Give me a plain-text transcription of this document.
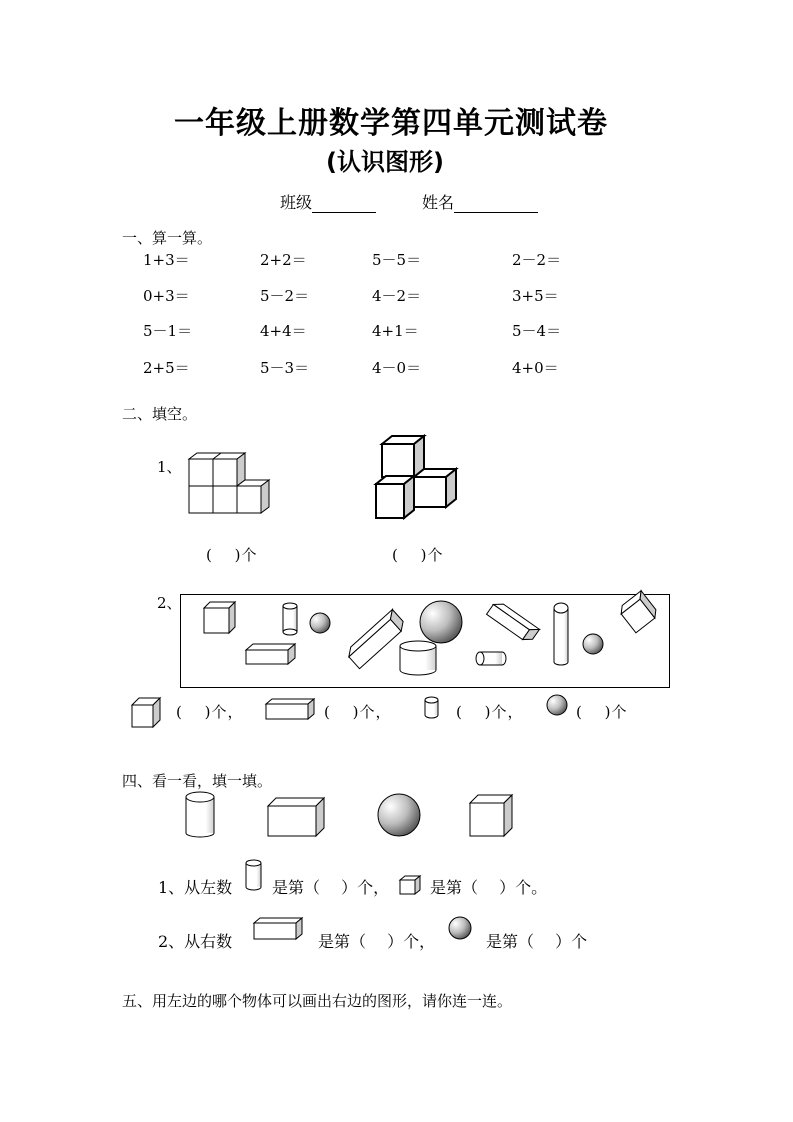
一年级上册数学第四单元测试卷
(认识图形)
班级	姓名
一、算一算。
1+3＝	2+2＝	5－5＝	2－2＝
0+3＝	5－2＝	4－2＝	3+5＝
5－1＝	4+4＝	4+1＝	5－4＝
2+5＝	5－3＝	4－0＝	4+0＝
二、填空。
1、
(　 )个	(　 )个
2、
(　 )个，	(　 )个，	(　 )个，	(　 )个
四、看一看，填一填。
1、从左数 是第（　 ）个，	是第（　 ）个。
2、从右数	是第（　 ）个，	是第（　 ）个
五、用左边的哪个物体可以画出右边的图形，请你连一连。
